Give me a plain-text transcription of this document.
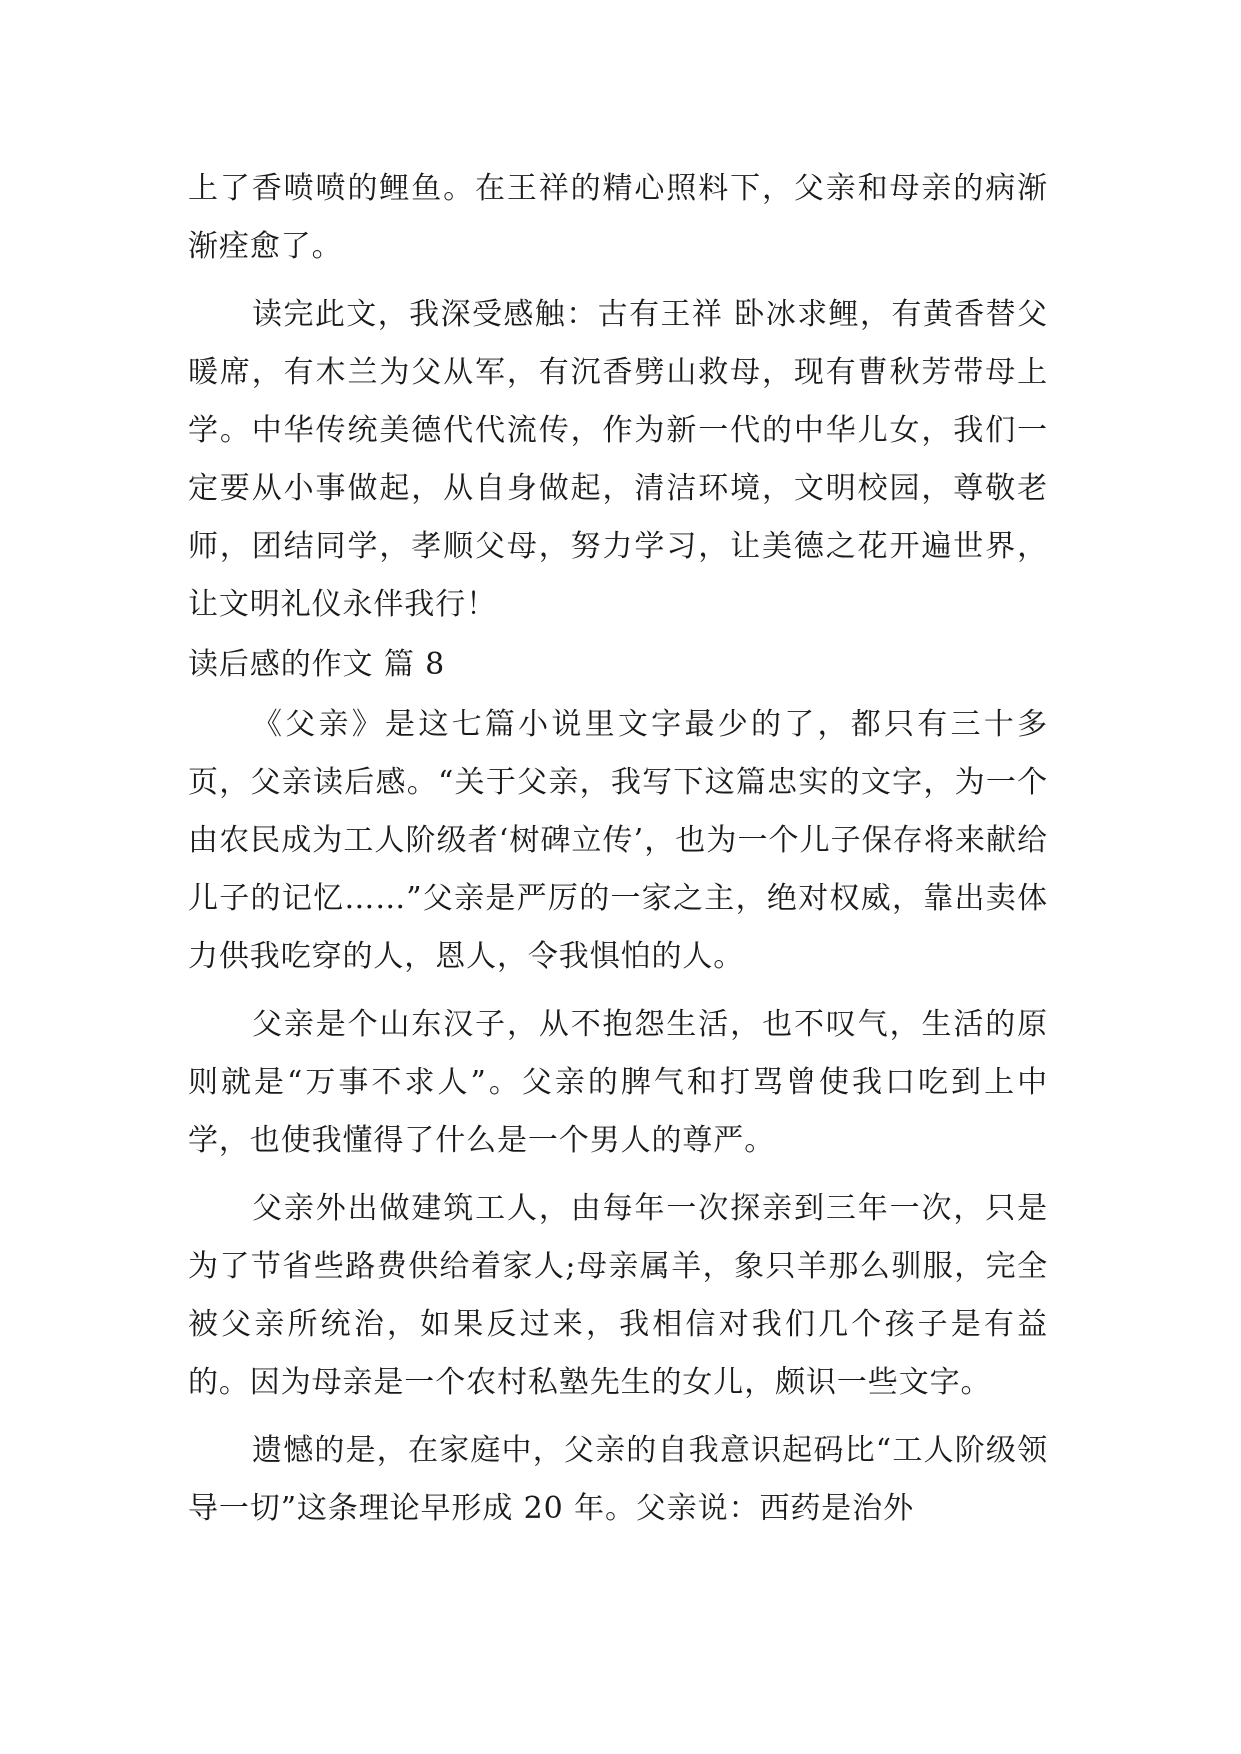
上了香喷喷的鲤鱼。在王祥的精心照料下，父亲和母亲的病渐渐痊愈了。

读完此文，我深受感触：古有王祥 卧冰求鲤，有黄香替父暖席，有木兰为父从军，有沉香劈山救母，现有曹秋芳带母上学。中华传统美德代代流传，作为新一代的中华儿女，我们一定要从小事做起，从自身做起，清洁环境，文明校园，尊敬老师，团结同学，孝顺父母，努力学习，让美德之花开遍世界，让文明礼仪永伴我行！

读后感的作文 篇 8

《父亲》是这七篇小说里文字最少的了，都只有三十多页，父亲读后感。“关于父亲，我写下这篇忠实的文字，为一个由农民成为工人阶级者‘树碑立传’，也为一个儿子保存将来献给儿子的记忆……”父亲是严厉的一家之主，绝对权威，靠出卖体力供我吃穿的人，恩人，令我惧怕的人。

父亲是个山东汉子，从不抱怨生活，也不叹气，生活的原则就是“万事不求人”。父亲的脾气和打骂曾使我口吃到上中学，也使我懂得了什么是一个男人的尊严。

父亲外出做建筑工人，由每年一次探亲到三年一次，只是为了节省些路费供给着家人;母亲属羊，象只羊那么驯服，完全被父亲所统治，如果反过来，我相信对我们几个孩子是有益的。因为母亲是一个农村私塾先生的女儿，颇识一些文字。

遗憾的是，在家庭中，父亲的自我意识起码比“工人阶级领导一切”这条理论早形成 20 年。父亲说：西药是治外
